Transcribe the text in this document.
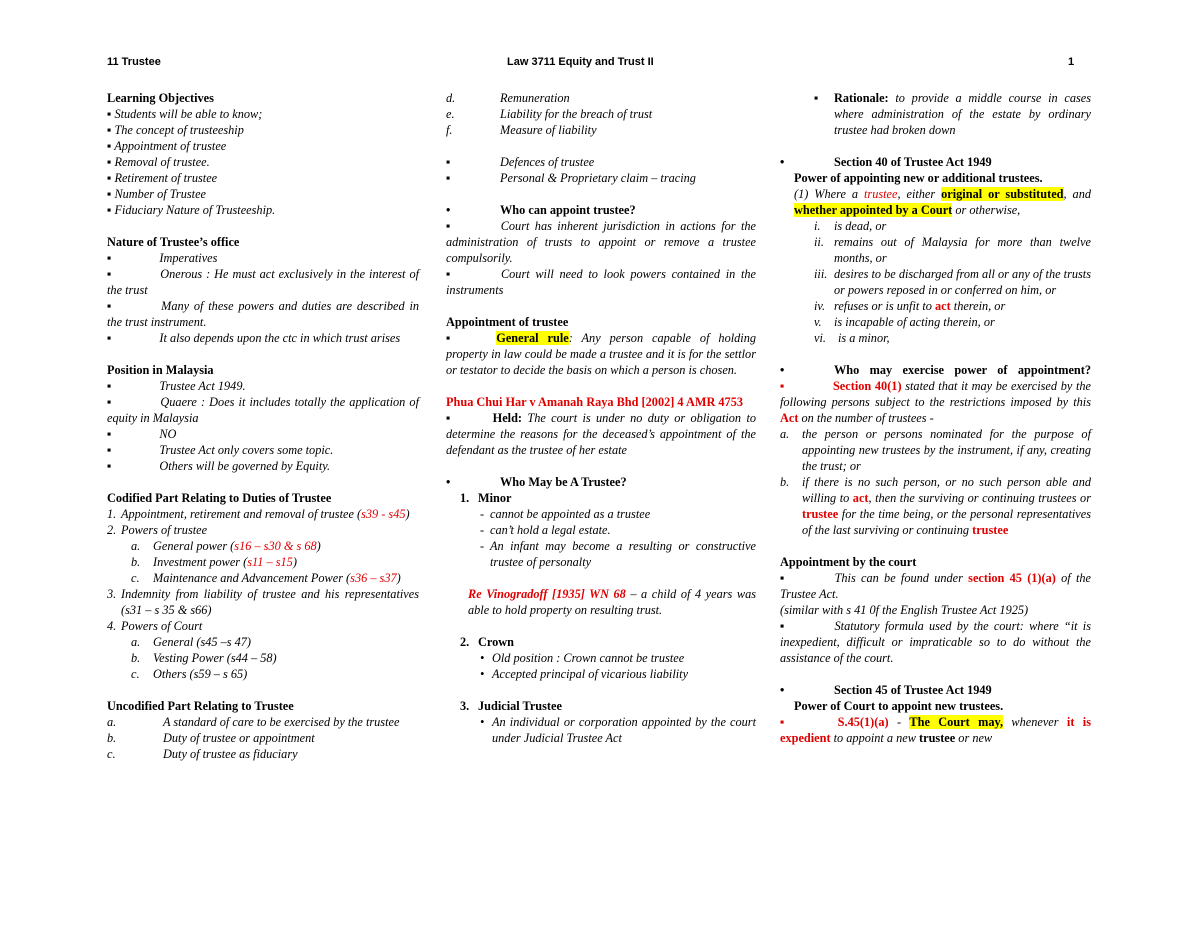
11 Trustee	Law 3711 Equity and Trust II	1
Learning Objectives
▪ Students will be able to know;
▪ The concept of trusteeship
▪ Appointment of trustee
▪ Removal of trustee.
▪ Retirement of trustee
▪ Number of Trustee
▪ Fiduciary Nature of Trusteeship.
Nature of Trustee’s office
▪	Imperatives
▪	Onerous : He must act exclusively in the interest of the trust
▪	Many of these powers and duties are described in the trust instrument.
▪	It also depends upon the ctc in which trust arises
Position in Malaysia
▪	Trustee Act 1949.
▪	Quaere : Does it includes totally the application of equity in Malaysia
▪	NO
▪	Trustee Act only covers some topic.
▪	Others will be governed by Equity.
Codified Part Relating to Duties of Trustee
1. Appointment, retirement and removal of trustee (s39 - s45)
2. Powers of trustee
a.	General power (s16 – s30 & s 68)
b.	Investment power (s11 – s15)
c.	Maintenance and Advancement Power (s36 – s37)
3. Indemnity from liability of trustee and his representatives (s31 – s 35 & s66)
4. Powers of Court
a.	General (s45 –s 47)
b.	Vesting Power (s44 – 58)
c.	Others (s59 – s 65)
Uncodified Part Relating to Trustee
a.	A standard of care to be exercised by the trustee
b.	Duty of trustee or appointment
c.	Duty of trustee as fiduciary
d.	Remuneration
e.	Liability for the breach of trust
f.	Measure of liability
▪	Defences of trustee
▪	Personal & Proprietary claim – tracing
•	Who can appoint trustee?
▪	Court has inherent jurisdiction in actions for the administration of trusts to appoint or remove a trustee compulsorily.
▪	Court will need to look powers contained in the instruments
Appointment of trustee
▪	General rule: Any person capable of holding property in law could be made a trustee and it is for the settlor or testator to decide the basis on which a person is chosen.
Phua Chui Har v Amanah Raya Bhd [2002] 4 AMR 4753
▪	Held: The court is under no duty or obligation to determine the reasons for the deceased’s appointment of the defendant as the trustee of her estate
•	Who May be A Trustee?
1. Minor
- cannot be appointed as a trustee
- can’t hold a legal estate.
- An infant may become a resulting or constructive trustee of personalty
Re Vinogradoff [1935] WN 68 – a child of 4 years was able to hold property on resulting trust.
2. Crown
• Old position : Crown cannot be trustee
• Accepted principal of vicarious liability
3. Judicial Trustee
• An individual or corporation appointed by the court under Judicial Trustee Act
▪	Rationale: to provide a middle course in cases where administration of the estate by ordinary trustee had broken down
•	Section 40 of Trustee Act 1949
Power of appointing new or additional trustees.
(1) Where a trustee, either original or substituted, and whether appointed by a Court or otherwise,
i.	is dead, or
ii. remains out of Malaysia for more than twelve months, or
iii. desires to be discharged from all or any of the trusts or powers reposed in or conferred on him, or
iv. refuses or is unfit to act therein, or
v.	is incapable of acting therein, or
vi. is a minor,
•	Who may exercise power of appointment?
▪	Section 40(1) stated that it may be exercised by the following persons subject to the restrictions imposed by this Act on the number of trustees -
a.	the person or persons nominated for the purpose of appointing new trustees by the instrument, if any, creating the trust; or
b.	if there is no such person, or no such person able and willing to act, then the surviving or continuing trustees or trustee for the time being, or the personal representatives of the last surviving or continuing trustee
Appointment by the court
▪	This can be found under section 45 (1)(a) of the Trustee Act.
(similar with s 41 0f the English Trustee Act 1925)
▪	Statutory formula used by the court: where “it is inexpedient, difficult or impraticable so to do without the assistance of the court.
•	Section 45 of Trustee Act 1949
Power of Court to appoint new trustees.
▪	S.45(1)(a) - The Court may, whenever it is expedient to appoint a new trustee or new
